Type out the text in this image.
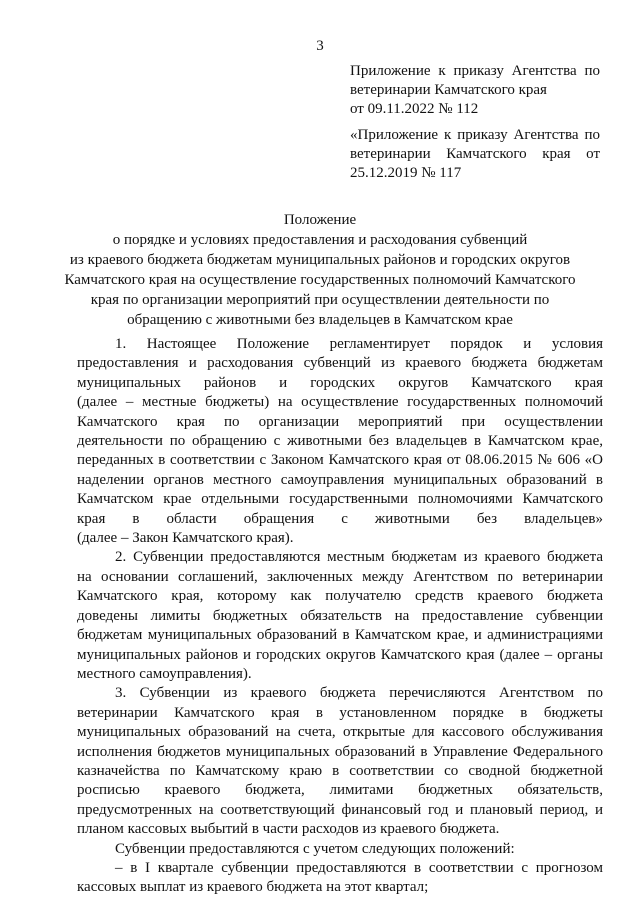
3
Приложение к приказу Агентства по
ветеринарии Камчатского края
от 09.11.2022 № 112
«Приложение к приказу Агентства по
ветеринарии Камчатского края от
25.12.2019 № 117
Положение
о порядке и условиях предоставления и расходования субвенций
из краевого бюджета бюджетам муниципальных районов и городских округов
Камчатского края на осуществление государственных полномочий Камчатского
края по организации мероприятий при осуществлении деятельности по
обращению с животными без владельцев в Камчатском крае
1. Настоящее Положение регламентирует порядок и условия
предоставления и расходования субвенций из краевого бюджета бюджетам
муниципальных районов и городских округов Камчатского края
(далее – местные бюджеты) на осуществление государственных полномочий
Камчатского края по организации мероприятий при осуществлении
деятельности по обращению с животными без владельцев в Камчатском крае,
переданных в соответствии с Законом Камчатского края от 08.06.2015 № 606 «О
наделении органов местного самоуправления муниципальных образований в
Камчатском крае отдельными государственными полномочиями Камчатского
края в области обращения с животными без владельцев»
(далее – Закон Камчатского края).
2. Субвенции предоставляются местным бюджетам из краевого бюджета
на основании соглашений, заключенных между Агентством по ветеринарии
Камчатского края, которому как получателю средств краевого бюджета
доведены лимиты бюджетных обязательств на предоставление субвенции
бюджетам муниципальных образований в Камчатском крае, и администрациями
муниципальных районов и городских округов Камчатского края (далее – органы
местного самоуправления).
3. Субвенции из краевого бюджета перечисляются Агентством по
ветеринарии Камчатского края в установленном порядке в бюджеты
муниципальных образований на счета, открытые для кассового обслуживания
исполнения бюджетов муниципальных образований в Управление Федерального
казначейства по Камчатскому краю в соответствии со сводной бюджетной
росписью краевого бюджета, лимитами бюджетных обязательств,
предусмотренных на соответствующий финансовый год и плановый период, и
планом кассовых выбытий в части расходов из краевого бюджета.
Субвенции предоставляются с учетом следующих положений:
– в I квартале субвенции предоставляются в соответствии с прогнозом
кассовых выплат из краевого бюджета на этот квартал;
